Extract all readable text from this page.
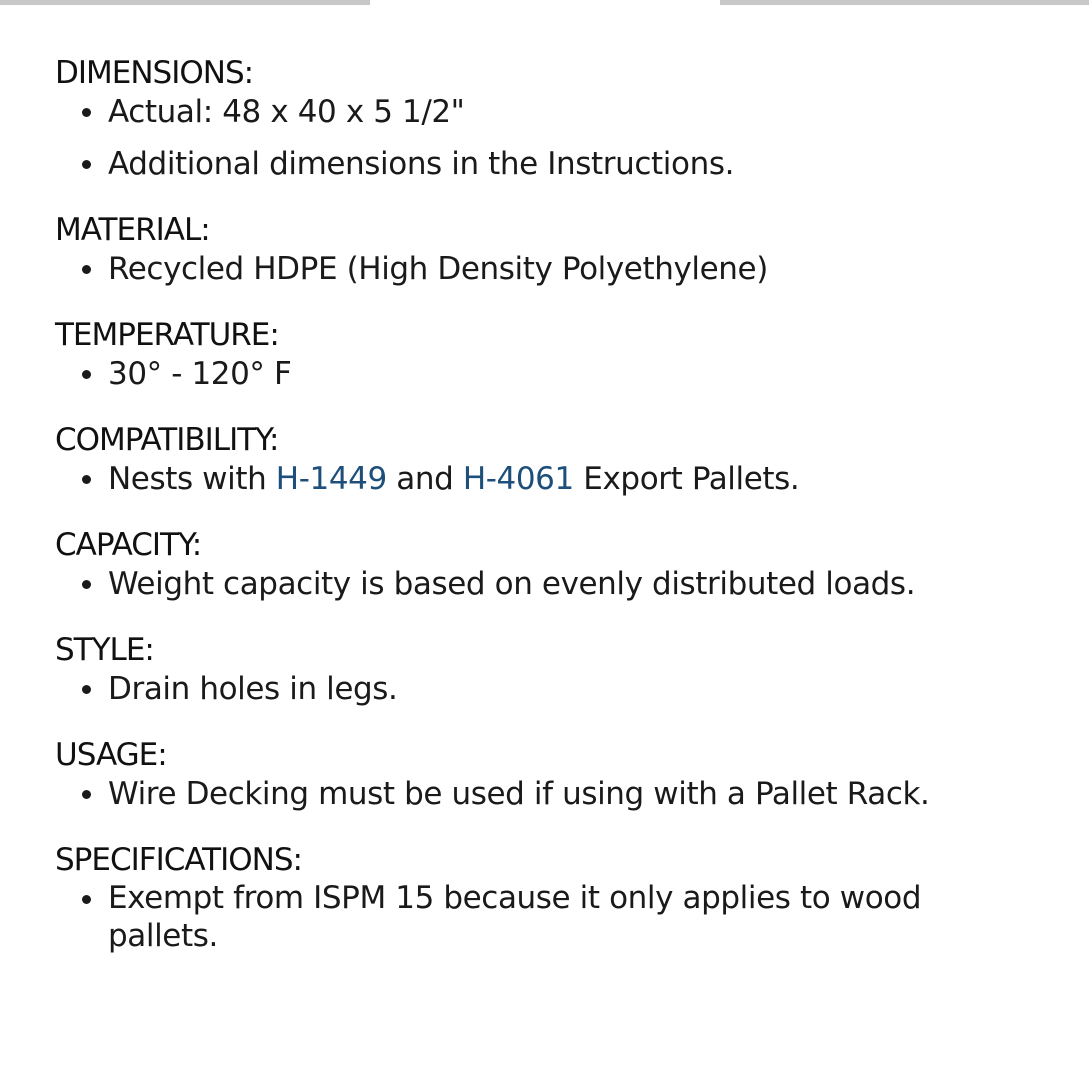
DIMENSIONS:
Actual: 48 x 40 x 5 1/2"
Additional dimensions in the Instructions.
MATERIAL:
Recycled HDPE (High Density Polyethylene)
TEMPERATURE:
30° - 120° F
COMPATIBILITY:
Nests with H-1449 and H-4061 Export Pallets.
CAPACITY:
Weight capacity is based on evenly distributed loads.
STYLE:
Drain holes in legs.
USAGE:
Wire Decking must be used if using with a Pallet Rack.
SPECIFICATIONS:
Exempt from ISPM 15 because it only applies to wood pallets.
